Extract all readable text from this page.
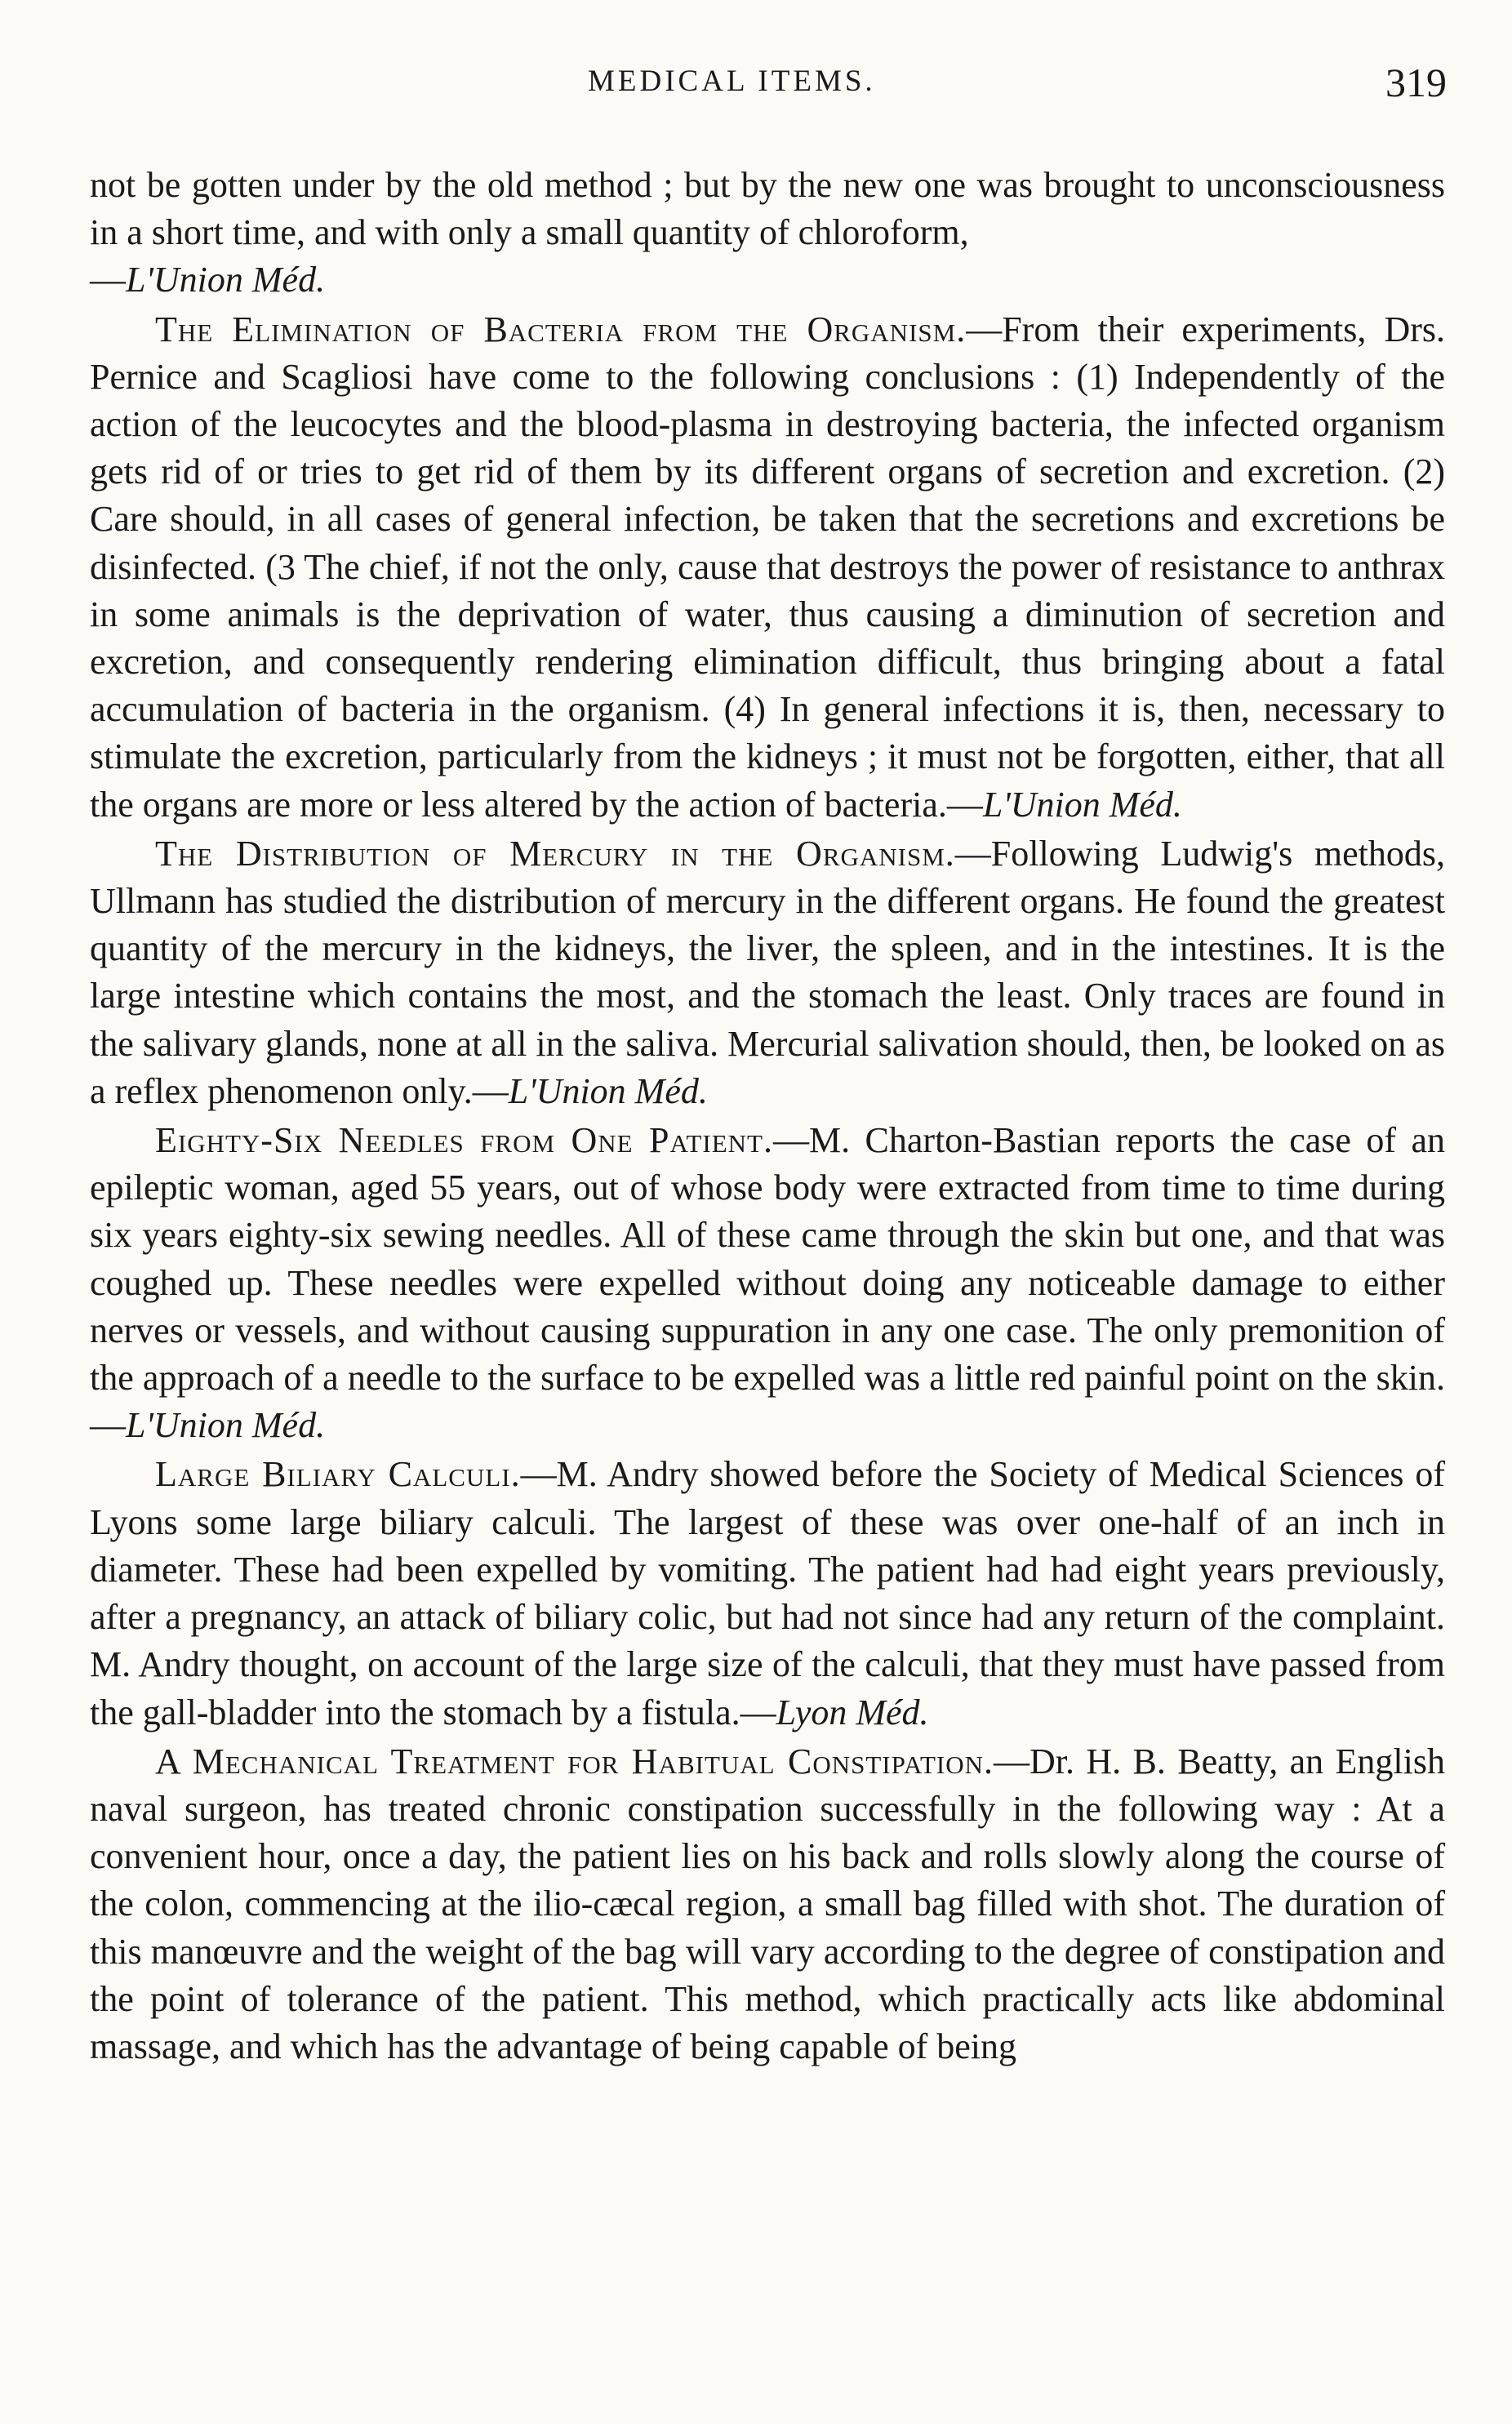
MEDICAL ITEMS.	319

not be gotten under by the old method ; but by the new one was brought to unconsciousness in a short time, and with only a small quantity of chloroform,
—L'Union Méd.

The Elimination of Bacteria from the Organism.—From their experiments, Drs. Pernice and Scagliosi have come to the following conclusions : (1) Independently of the action of the leucocytes and the blood-plasma in destroying bacteria, the infected organism gets rid of or tries to get rid of them by its different organs of secretion and excretion. (2) Care should, in all cases of general infection, be taken that the secretions and excretions be disinfected. (3 The chief, if not the only, cause that destroys the power of resistance to anthrax in some animals is the deprivation of water, thus causing a diminution of secretion and excretion, and consequently rendering elimination difficult, thus bringing about a fatal accumulation of bacteria in the organism. (4) In general infections it is, then, necessary to stimulate the excretion, particularly from the kidneys ; it must not be forgotten, either, that all the organs are more or less altered by the action of bacteria.—L'Union Méd.

The Distribution of Mercury in the Organism.—Following Ludwig's methods, Ullmann has studied the distribution of mercury in the different organs. He found the greatest quantity of the mercury in the kidneys, the liver, the spleen, and in the intestines. It is the large intestine which contains the most, and the stomach the least. Only traces are found in the salivary glands, none at all in the saliva. Mercurial salivation should, then, be looked on as a reflex phenomenon only.—L'Union Méd.

Eighty-Six Needles from One Patient.—M. Charton-Bastian reports the case of an epileptic woman, aged 55 years, out of whose body were extracted from time to time during six years eighty-six sewing needles. All of these came through the skin but one, and that was coughed up. These needles were expelled without doing any noticeable damage to either nerves or vessels, and without causing suppuration in any one case. The only premonition of the approach of a needle to the surface to be expelled was a little red painful point on the skin.—L'Union Méd.

Large Biliary Calculi.—M. Andry showed before the Society of Medical Sciences of Lyons some large biliary calculi. The largest of these was over one-half of an inch in diameter. These had been expelled by vomiting. The patient had had eight years previously, after a pregnancy, an attack of biliary colic, but had not since had any return of the complaint. M. Andry thought, on account of the large size of the calculi, that they must have passed from the gall-bladder into the stomach by a fistula.—Lyon Méd.

A Mechanical Treatment for Habitual Constipation.—Dr. H. B. Beatty, an English naval surgeon, has treated chronic constipation successfully in the following way : At a convenient hour, once a day, the patient lies on his back and rolls slowly along the course of the colon, commencing at the ilio-cæcal region, a small bag filled with shot. The duration of this manœuvre and the weight of the bag will vary according to the degree of constipation and the point of tolerance of the patient. This method, which practically acts like abdominal massage, and which has the advantage of being capable of being
